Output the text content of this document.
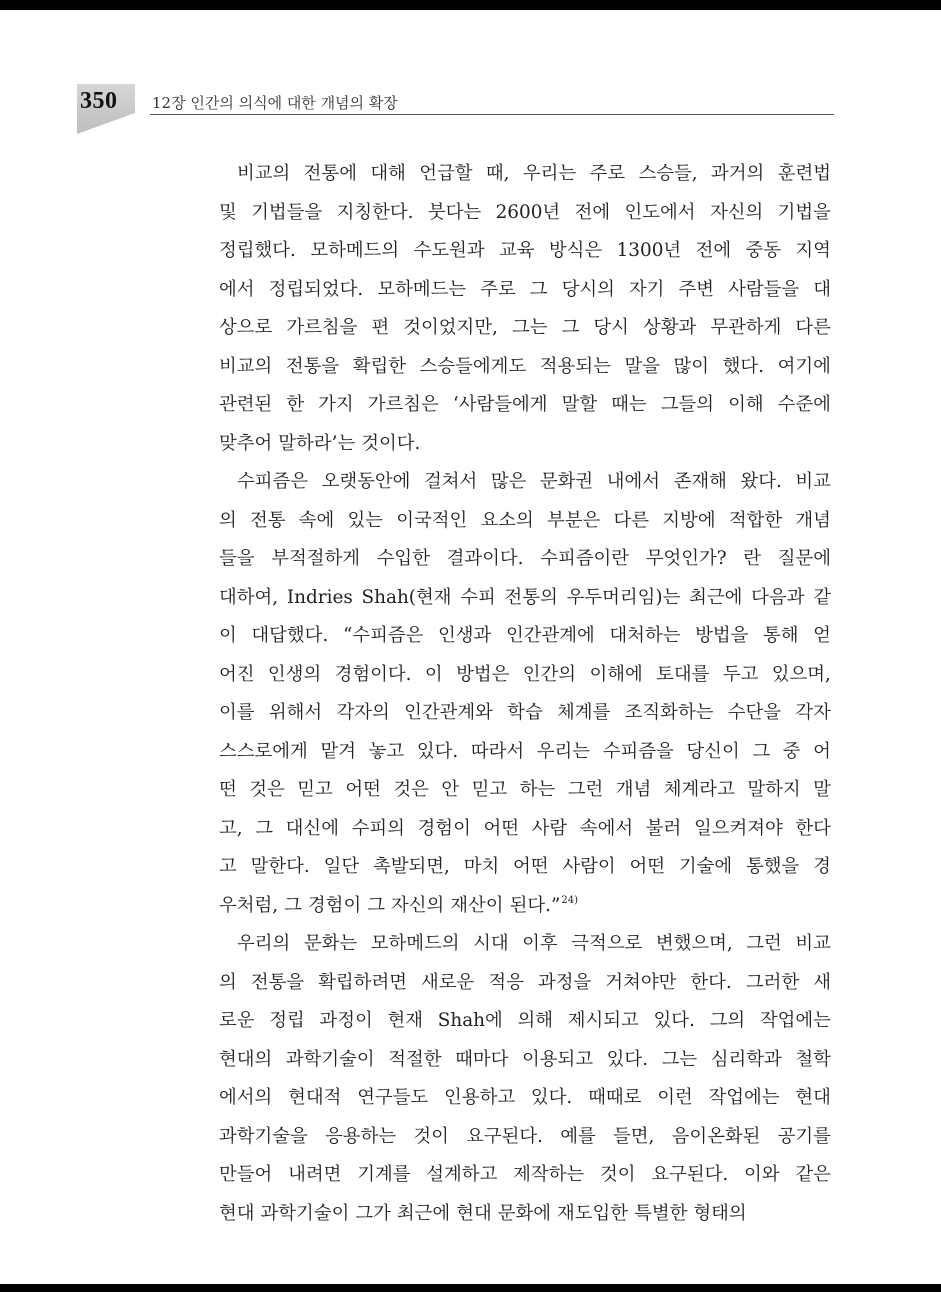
350 12장 인간의 의식에 대한 개념의 확장
비교의 전통에 대해 언급할 때, 우리는 주로 스승들, 과거의 훈련법
및 기법들을 지칭한다. 붓다는 2600년 전에 인도에서 자신의 기법을
정립했다. 모하메드의 수도원과 교육 방식은 1300년 전에 중동 지역
에서 정립되었다. 모하메드는 주로 그 당시의 자기 주변 사람들을 대
상으로 가르침을 편 것이었지만, 그는 그 당시 상황과 무관하게 다른
비교의 전통을 확립한 스승들에게도 적용되는 말을 많이 했다. 여기에
관련된 한 가지 가르침은 ‘사람들에게 말할 때는 그들의 이해 수준에
맞추어 말하라’는 것이다.
수피즘은 오랫동안에 걸쳐서 많은 문화권 내에서 존재해 왔다. 비교
의 전통 속에 있는 이국적인 요소의 부분은 다른 지방에 적합한 개념
들을 부적절하게 수입한 결과이다. 수피즘이란 무엇인가? 란 질문에
대하여, Indries Shah(현재 수피 전통의 우두머리임)는 최근에 다음과 같
이 대답했다. “수피즘은 인생과 인간관계에 대처하는 방법을 통해 얻
어진 인생의 경험이다. 이 방법은 인간의 이해에 토대를 두고 있으며,
이를 위해서 각자의 인간관계와 학습 체계를 조직화하는 수단을 각자
스스로에게 맡겨 놓고 있다. 따라서 우리는 수피즘을 당신이 그 중 어
떤 것은 믿고 어떤 것은 안 믿고 하는 그런 개념 체계라고 말하지 말
고, 그 대신에 수피의 경험이 어떤 사람 속에서 불러 일으켜져야 한다
고 말한다. 일단 촉발되면, 마치 어떤 사람이 어떤 기술에 통했을 경
우처럼, 그 경험이 그 자신의 재산이 된다.”$^{24)}$
우리의 문화는 모하메드의 시대 이후 극적으로 변했으며, 그런 비교
의 전통을 확립하려면 새로운 적응 과정을 거쳐야만 한다. 그러한 새
로운 정립 과정이 현재 Shah에 의해 제시되고 있다. 그의 작업에는
현대의 과학기술이 적절한 때마다 이용되고 있다. 그는 심리학과 철학
에서의 현대적 연구들도 인용하고 있다. 때때로 이런 작업에는 현대
과학기술을 응용하는 것이 요구된다. 예를 들면, 음이온화된 공기를
만들어 내려면 기계를 설계하고 제작하는 것이 요구된다. 이와 같은
현대 과학기술이 그가 최근에 현대 문화에 재도입한 특별한 형태의
